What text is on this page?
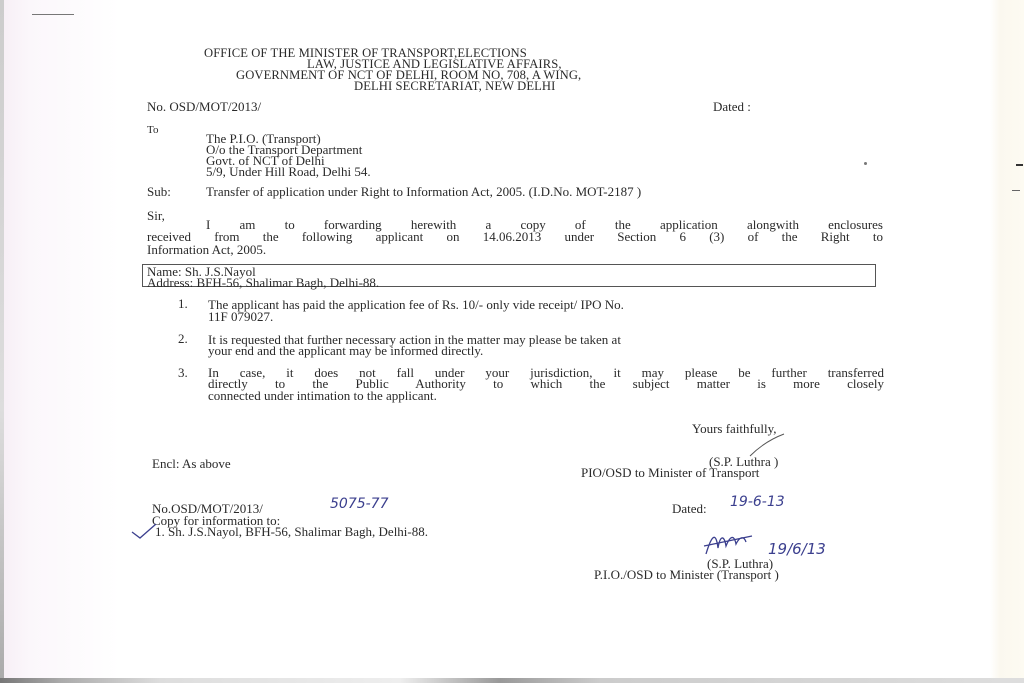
OFFICE OF THE MINISTER OF TRANSPORT,ELECTIONS
LAW, JUSTICE AND LEGISLATIVE AFFAIRS,
GOVERNMENT OF NCT OF DELHI, ROOM NO, 708, A WING,
DELHI SECRETARIAT, NEW DELHI
No. OSD/MOT/2013/	Dated :
To
The P.I.O. (Transport)
O/o the Transport Department
Govt. of NCT of Delhi
5/9, Under Hill Road, Delhi 54.
Sub:	Transfer of application under Right to Information Act, 2005. (I.D.No. MOT-2187 )
Sir,
I am to forwarding herewith a copy of the application alongwith enclosures
received from the following applicant on 14.06.2013 under Section 6 (3) of the Right to
Information Act, 2005.
Name: Sh. J.S.Nayol
Address: BFH-56, Shalimar Bagh, Delhi-88.
1. The applicant has paid the application fee of Rs. 10/- only vide receipt/ IPO No.
11F 079027.
2. It is requested that further necessary action in the matter may please be taken at
your end and the applicant may be informed directly.
3. In case, it does not fall under your jurisdiction, it may please be further transferred
directly to the Public Authority to which the subject matter is more closely
connected under intimation to the applicant.
Yours faithfully,
(S.P. Luthra )
PIO/OSD to Minister of Transport
Encl: As above
No.OSD/MOT/2013/	5075-77	Dated: 19-6-13
Copy for information to:
1. Sh. J.S.Nayol, BFH-56, Shalimar Bagh, Delhi-88.
19/6/13
(S.P. Luthra)
P.I.O./OSD to Minister (Transport )
